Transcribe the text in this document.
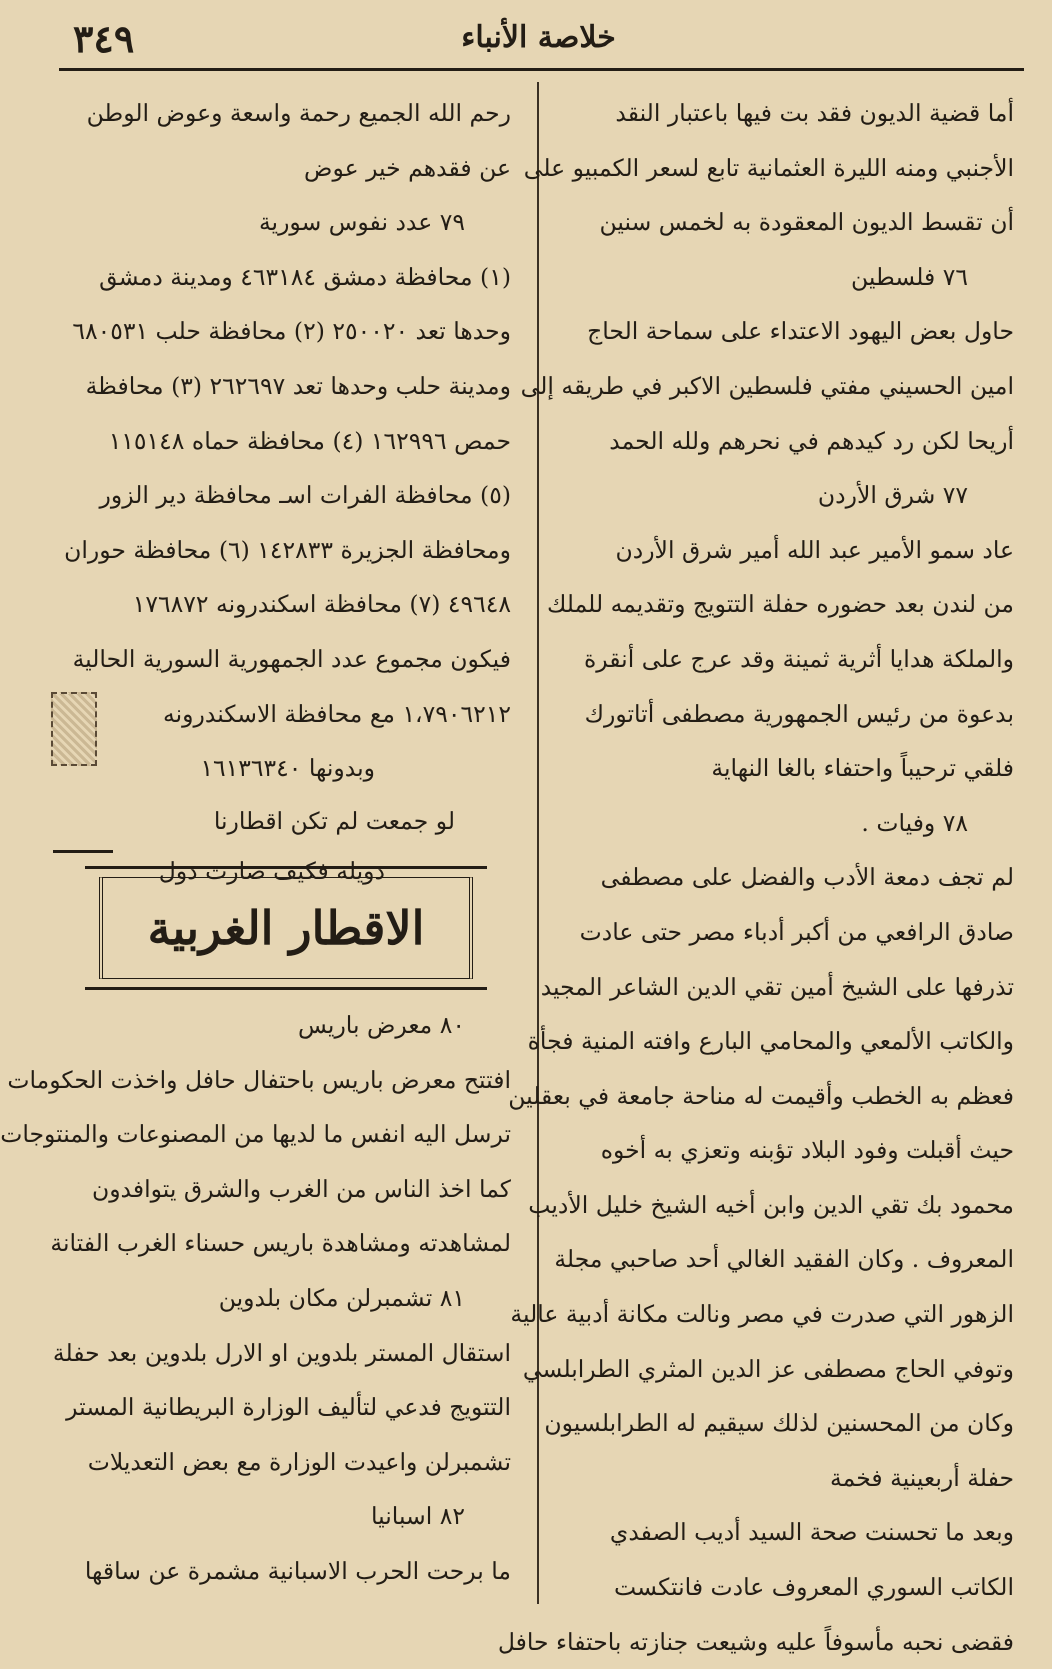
٣٤٩	خلاصة الأنباء
أما قضية الديون فقد بت فيها باعتبار النقد
الأجنبي ومنه الليرة العثمانية تابع لسعر الكمبيو على
أن تقسط الديون المعقودة به لخمس سنين
٧٦ فلسطين
حاول بعض اليهود الاعتداء على سماحة الحاج
امين الحسيني مفتي فلسطين الاكبر في طريقه إلى
أريحا لكن رد كيدهم في نحرهم ولله الحمد
٧٧ شرق الأردن
عاد سمو الأمير عبد الله أمير شرق الأردن
من لندن بعد حضوره حفلة التتويج وتقديمه للملك
والملكة هدايا أثرية ثمينة وقد عرج على أنقرة
بدعوة من رئيس الجمهورية مصطفى أتاتورك
فلقي ترحيباً واحتفاء بالغا النهاية
٧٨ وفيات .
لم تجف دمعة الأدب والفضل على مصطفى
صادق الرافعي من أكبر أدباء مصر حتى عادت
تذرفها على الشيخ أمين تقي الدين الشاعر المجيد
والكاتب الألمعي والمحامي البارع وافته المنية فجأة
فعظم به الخطب وأقيمت له مناحة جامعة في بعقلين
حيث أقبلت وفود البلاد تؤبنه وتعزي به أخوه
محمود بك تقي الدين وابن أخيه الشيخ خليل الأديب
المعروف . وكان الفقيد الغالي أحد صاحبي مجلة
الزهور التي صدرت في مصر ونالت مكانة أدبية عالية
وتوفي الحاج مصطفى عز الدين المثري الطرابلسي
وكان من المحسنين لذلك سيقيم له الطرابلسيون
حفلة أربعينية فخمة
وبعد ما تحسنت صحة السيد أديب الصفدي
الكاتب السوري المعروف عادت فانتكست
فقضى نحبه مأسوفاً عليه وشيعت جنازته باحتفاء حافل
رحم الله الجميع رحمة واسعة وعوض الوطن
عن فقدهم خير عوض
٧٩ عدد نفوس سورية
(١) محافظة دمشق ٤٦٣١٨٤ ومدينة دمشق
وحدها تعد ٢٥٠٠٢٠ (٢) محافظة حلب ٦٨٠٥٣١
ومدينة حلب وحدها تعد ٢٦٢٦٩٧ (٣) محافظة
حمص ١٦٢٩٩٦ (٤) محافظة حماه ١١٥١٤٨
(٥) محافظة الفرات اسـ محافظة دير الزور
ومحافظة الجزيرة ١٤٢٨٣٣ (٦) محافظة حوران
٤٩٦٤٨ (٧) محافظة اسكندرونه ١٧٦٨٧٢
فيكون مجموع عدد الجمهورية السورية الحالية
١،٧٩٠٦٢١٢ مع محافظة الاسكندرونه
وبدونها ١٦١٣٦٣٤٠
لو جمعت لم تكن اقطارنا
دويلة فكيف صارت دول
الاقطار الغربية
٨٠ معرض باريس
افتتح معرض باريس باحتفال حافل واخذت الحكومات
ترسل اليه انفس ما لديها من المصنوعات والمنتوجات
كما اخذ الناس من الغرب والشرق يتوافدون
لمشاهدته ومشاهدة باريس حسناء الغرب الفتانة
٨١ تشمبرلن مكان بلدوين
استقال المستر بلدوين او الارل بلدوين بعد حفلة
التتويج فدعي لتأليف الوزارة البريطانية المستر
تشمبرلن واعيدت الوزارة مع بعض التعديلات
٨٢ اسبانيا
ما برحت الحرب الاسبانية مشمرة عن ساقها
